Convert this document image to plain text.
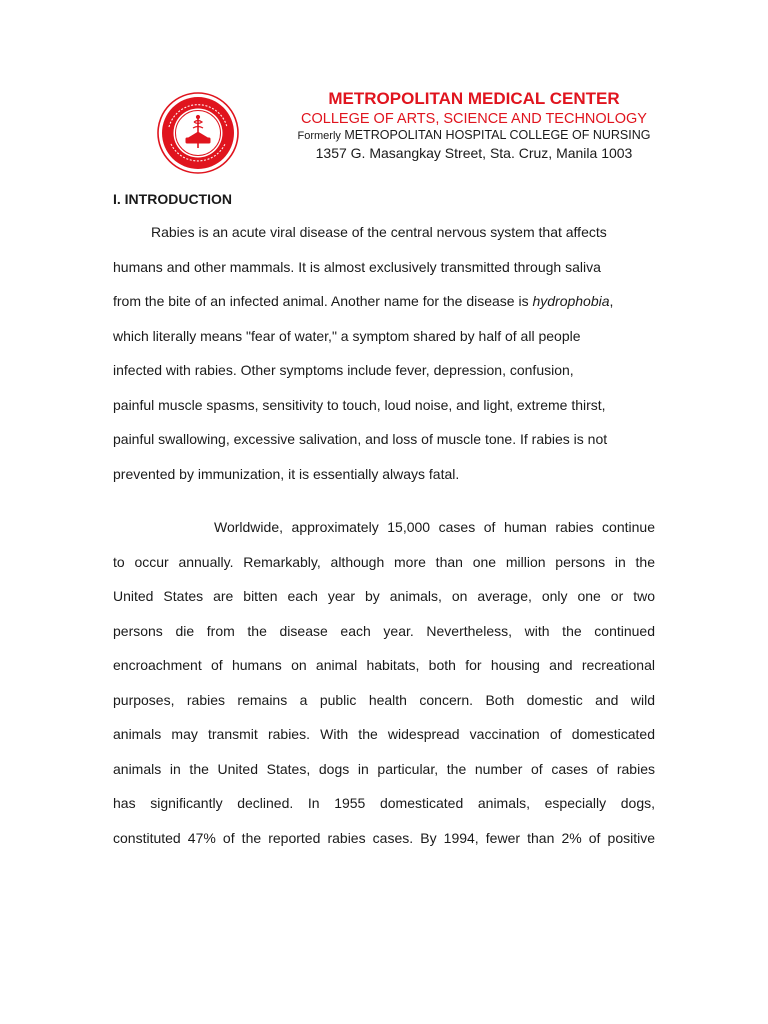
METROPOLITAN MEDICAL CENTER
COLLEGE OF ARTS, SCIENCE AND TECHNOLOGY
Formerly METROPOLITAN HOSPITAL COLLEGE OF NURSING
1357 G. Masangkay Street, Sta. Cruz, Manila 1003
I. INTRODUCTION
Rabies is an acute viral disease of the central nervous system that affects
humans and other mammals. It is almost exclusively transmitted through saliva
from the bite of an infected animal. Another name for the disease is hydrophobia,
which literally means "fear of water," a symptom shared by half of all people
infected with rabies. Other symptoms include fever, depression, confusion,
painful muscle spasms, sensitivity to touch, loud noise, and light, extreme thirst,
painful swallowing, excessive salivation, and loss of muscle tone. If rabies is not
prevented by immunization, it is essentially always fatal.
Worldwide, approximately 15,000 cases of human rabies continue
to occur annually. Remarkably, although more than one million persons in the
United States are bitten each year by animals, on average, only one or two
persons die from the disease each year. Nevertheless, with the continued
encroachment of humans on animal habitats, both for housing and recreational
purposes, rabies remains a public health concern. Both domestic and wild
animals may transmit rabies. With the widespread vaccination of domesticated
animals in the United States, dogs in particular, the number of cases of rabies
has significantly declined. In 1955 domesticated animals, especially dogs,
constituted 47% of the reported rabies cases. By 1994, fewer than 2% of positive
